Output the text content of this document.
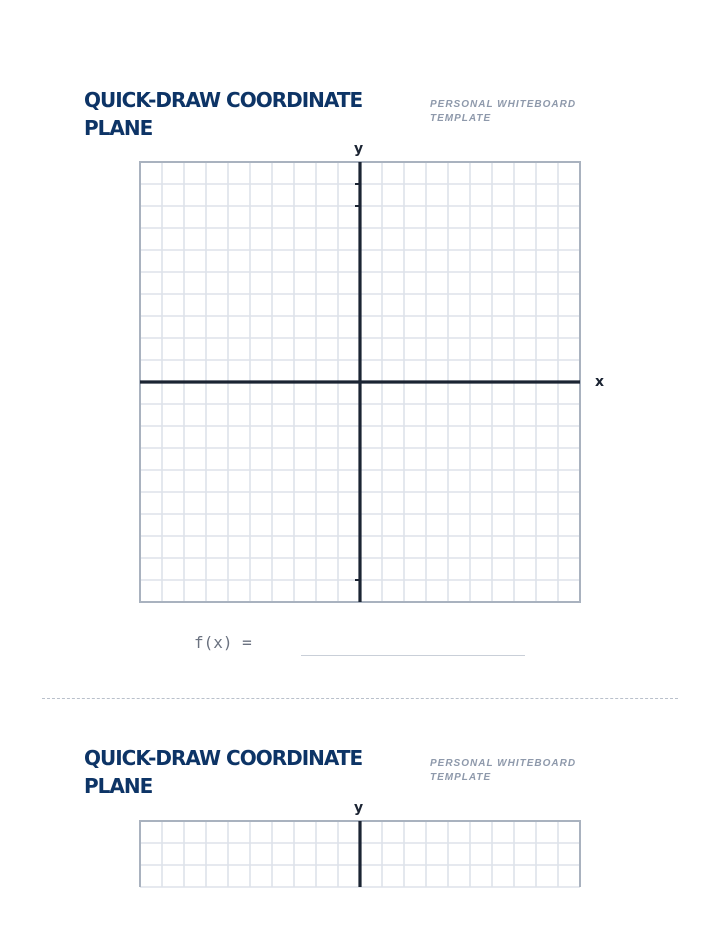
QUICK-DRAW COORDINATE PLANE

PERSONAL WHITEBOARD TEMPLATE

y
x
f(x) =
QUICK-DRAW COORDINATE PLANE

PERSONAL WHITEBOARD TEMPLATE

y
